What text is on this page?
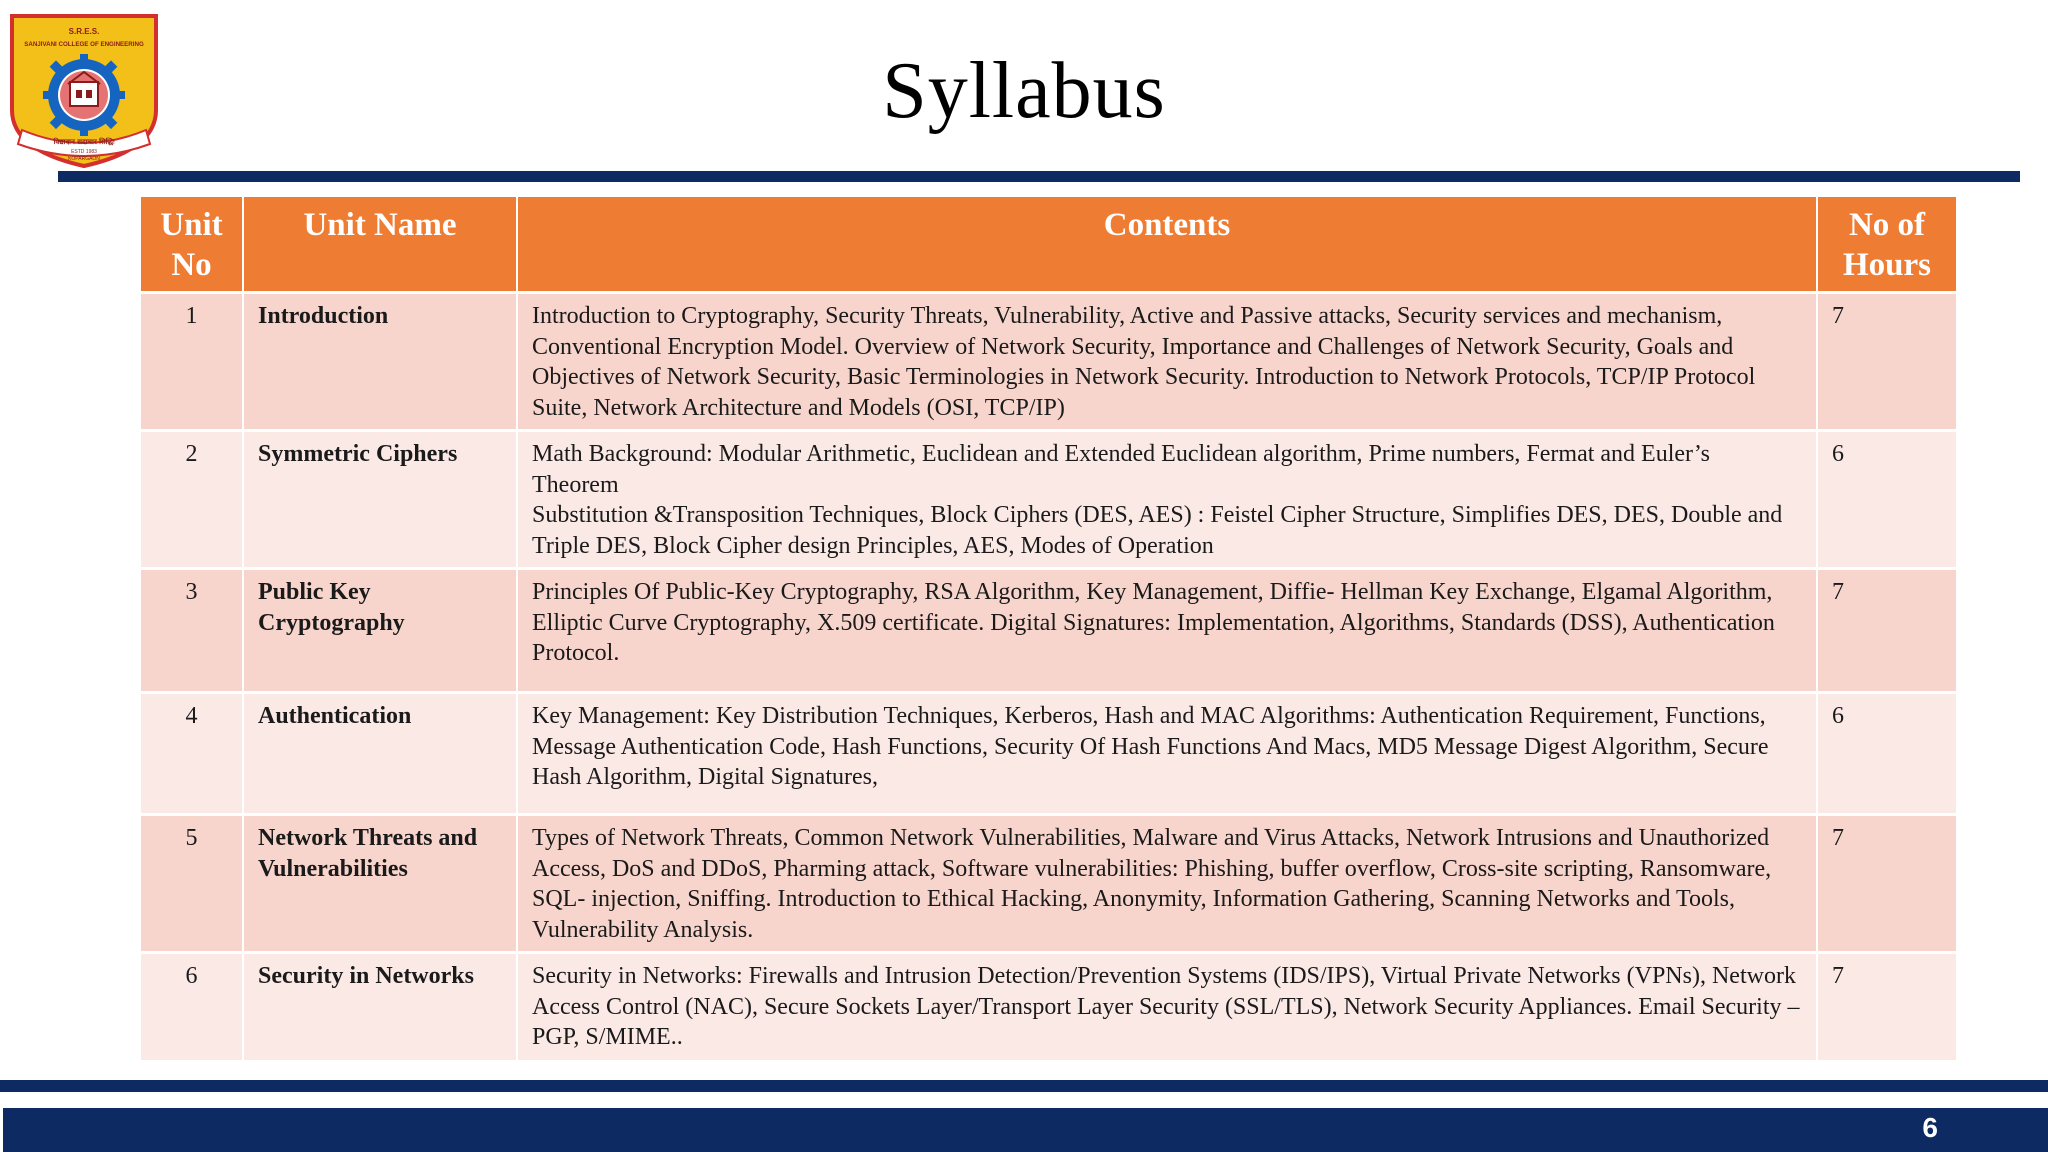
S.R.E.S.
SANJIVANI COLLEGE OF ENGINEERING
विद्यादान सदाचार सिद्धिः
ESTD 1983
KOPARGAON
Syllabus
Unit No	Unit Name	Contents	No of Hours
1	Introduction	Introduction to Cryptography, Security Threats, Vulnerability, Active and Passive attacks, Security services and mechanism, Conventional Encryption Model. Overview of Network Security, Importance and Challenges of Network Security, Goals and Objectives of Network Security, Basic Terminologies in Network Security. Introduction to Network Protocols, TCP/IP Protocol Suite, Network Architecture and Models (OSI, TCP/IP)	7
2	Symmetric Ciphers	Math Background: Modular Arithmetic, Euclidean and Extended Euclidean algorithm, Prime numbers, Fermat and Euler’s Theorem
Substitution &Transposition Techniques, Block Ciphers (DES, AES) : Feistel Cipher Structure, Simplifies DES, DES, Double and Triple DES, Block Cipher design Principles, AES, Modes of Operation	6
3	Public Key Cryptography	Principles Of Public-Key Cryptography, RSA Algorithm, Key Management, Diffie- Hellman Key Exchange, Elgamal Algorithm, Elliptic Curve Cryptography, X.509 certificate. Digital Signatures: Implementation, Algorithms, Standards (DSS), Authentication Protocol.	7
4	Authentication	Key Management: Key Distribution Techniques, Kerberos, Hash and MAC Algorithms: Authentication Requirement, Functions, Message Authentication Code, Hash Functions, Security Of Hash Functions And Macs, MD5 Message Digest Algorithm, Secure Hash Algorithm, Digital Signatures,	6
5	Network Threats and Vulnerabilities	Types of Network Threats, Common Network Vulnerabilities, Malware and Virus Attacks, Network Intrusions and Unauthorized Access, DoS and DDoS, Pharming attack, Software vulnerabilities: Phishing, buffer overflow, Cross-site scripting, Ransomware, SQL- injection, Sniffing. Introduction to Ethical Hacking, Anonymity, Information Gathering, Scanning Networks and Tools, Vulnerability Analysis.	7
6	Security in Networks	Security in Networks: Firewalls and Intrusion Detection/Prevention Systems (IDS/IPS), Virtual Private Networks (VPNs), Network Access Control (NAC), Secure Sockets Layer/Transport Layer Security (SSL/TLS), Network Security Appliances. Email Security – PGP, S/MIME..	7
6
